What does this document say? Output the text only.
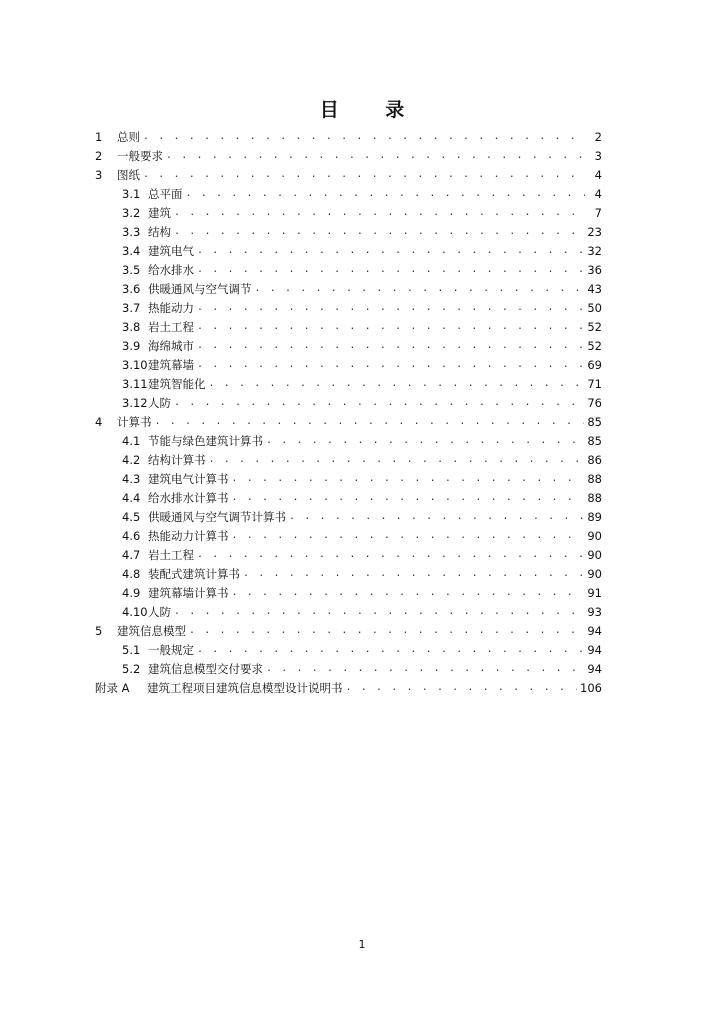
目 录
1	总则 . . .	2
2	一般要求 . . .	3
3	图纸 . . .	4
3.1 总平面 . . .	4
3.2 建筑 . . .	7
3.3 结构 . . .	23
3.4 建筑电气 . . .	32
3.5 给水排水 . . .	36
3.6 供暖通风与空气调节 . . .	43
3.7 热能动力 . . .	50
3.8 岩土工程 . . .	52
3.9 海绵城市 . . .	52
3.10 建筑幕墙 . . .	69
3.11 建筑智能化 . . .	71
3.12 人防 . . .	76
4	计算书 . . .	85
4.1 节能与绿色建筑计算书 . . .	85
4.2 结构计算书 . . .	86
4.3 建筑电气计算书 . . .	88
4.4 给水排水计算书 . . .	88
4.5 供暖通风与空气调节计算书 . . .	89
4.6 热能动力计算书 . . .	90
4.7 岩土工程 . . .	90
4.8 装配式建筑计算书 . . .	90
4.9 建筑幕墙计算书 . . .	91
4.10 人防 . . .	93
5	建筑信息模型 . . .	94
5.1 一般规定 . . .	94
5.2 建筑信息模型交付要求 . . .	94
附录 A	建筑工程项目建筑信息模型设计说明书 . . .	106
1
